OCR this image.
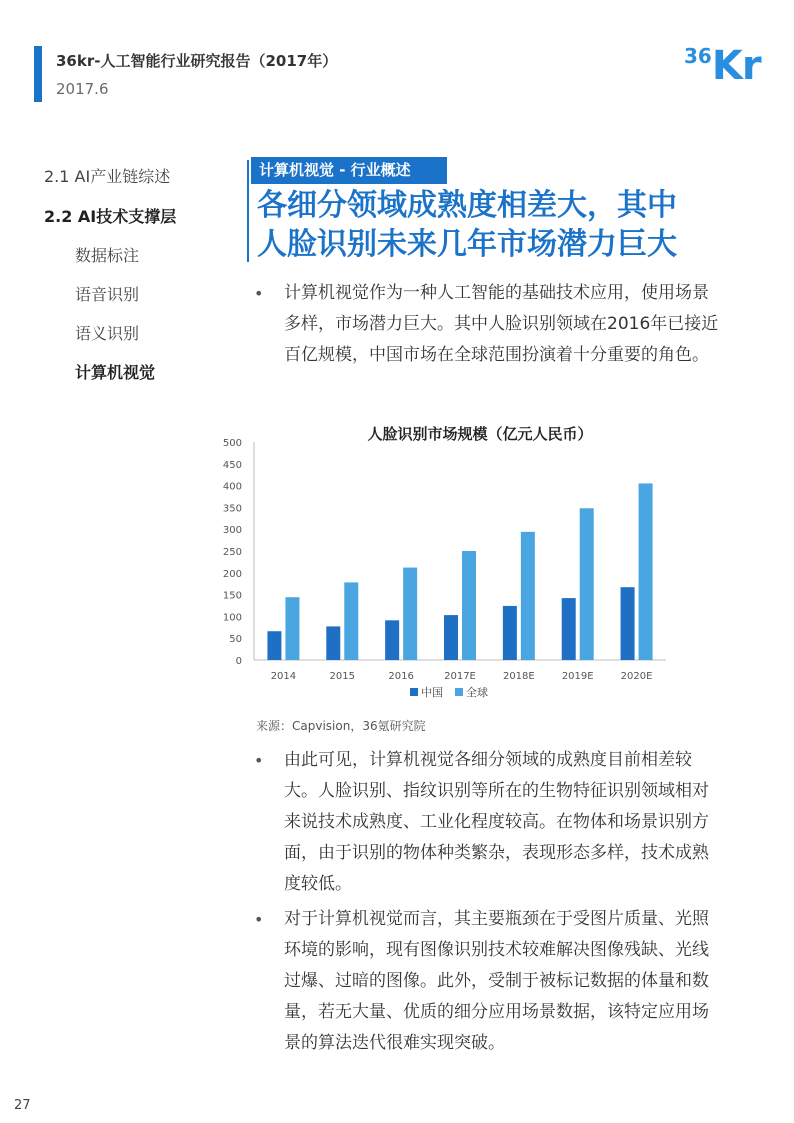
36kr-人工智能行业研究报告（2017年）
2017.6
36Kr
2.1 AI产业链综述
2.2 AI技术支撑层
数据标注
语音识别
语义识别
计算机视觉
计算机视觉 - 行业概述
各细分领域成熟度相差大，其中
人脸识别未来几年市场潜力巨大
• 计算机视觉作为一种人工智能的基础技术应用，使用场景多样，市场潜力巨大。其中人脸识别领域在2016年已接近百亿规模，中国市场在全球范围扮演着十分重要的角色。
人脸识别市场规模（亿元人民币）
0
50
100
150
200
250
300
350
400
450
500
2014	2015	2016	2017E	2018E	2019E	2020E
中国 全球
来源：Capvision，36氪研究院
• 由此可见，计算机视觉各细分领域的成熟度目前相差较大。人脸识别、指纹识别等所在的生物特征识别领域相对来说技术成熟度、工业化程度较高。在物体和场景识别方面，由于识别的物体种类繁杂，表现形态多样，技术成熟度较低。
• 对于计算机视觉而言，其主要瓶颈在于受图片质量、光照环境的影响，现有图像识别技术较难解决图像残缺、光线过爆、过暗的图像。此外，受制于被标记数据的体量和数量，若无大量、优质的细分应用场景数据，该特定应用场景的算法迭代很难实现突破。
27
